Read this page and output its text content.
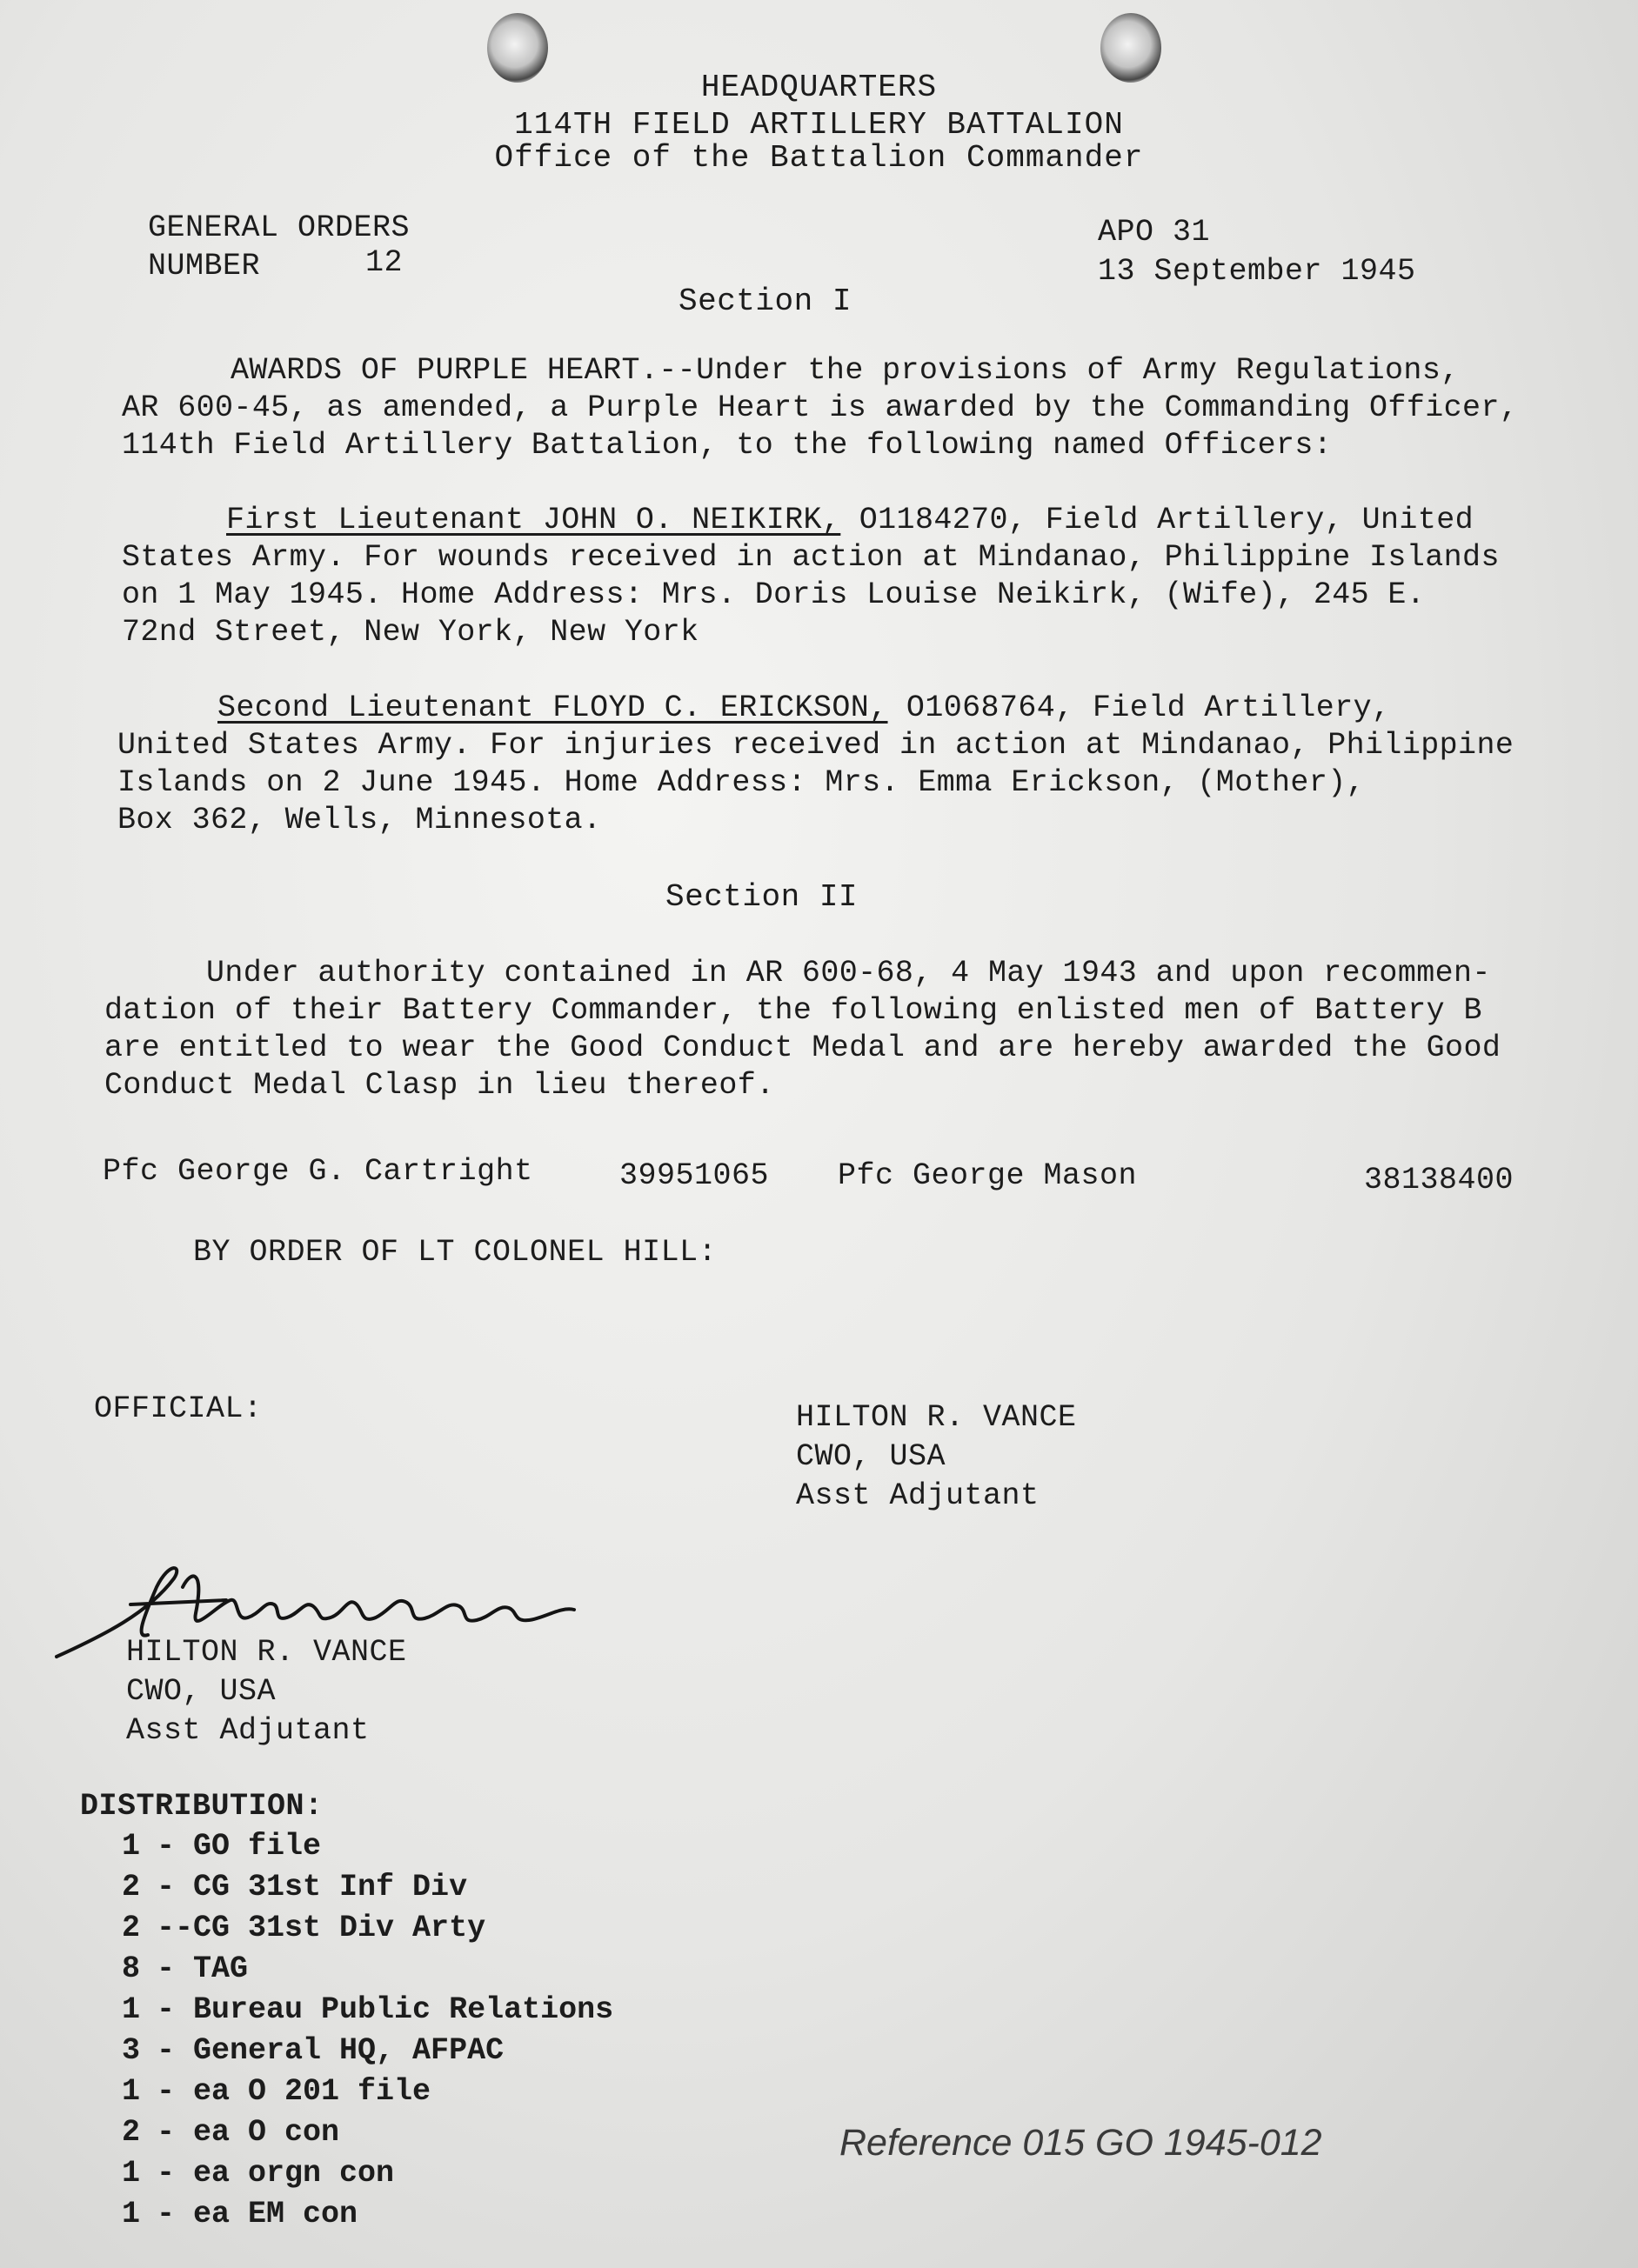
HEADQUARTERS
114TH FIELD ARTILLERY BATTALION
Office of the Battalion Commander
GENERAL ORDERS
NUMBER	12
APO 31
13 September 1945
Section I
AWARDS OF PURPLE HEART.--Under the provisions of Army Regulations,
AR 600-45, as amended, a Purple Heart is awarded by the Commanding Officer,
114th Field Artillery Battalion, to the following named Officers:
First Lieutenant JOHN O. NEIKIRK, O1184270, Field Artillery, United
States Army. For wounds received in action at Mindanao, Philippine Islands
on 1 May 1945. Home Address: Mrs. Doris Louise Neikirk, (Wife), 245 E.
72nd Street, New York, New York
Second Lieutenant FLOYD C. ERICKSON, O1068764, Field Artillery,
United States Army. For injuries received in action at Mindanao, Philippine
Islands on 2 June 1945. Home Address: Mrs. Emma Erickson, (Mother),
Box 362, Wells, Minnesota.
Section II
Under authority contained in AR 600-68, 4 May 1943 and upon recommen-
dation of their Battery Commander, the following enlisted men of Battery B
are entitled to wear the Good Conduct Medal and are hereby awarded the Good
Conduct Medal Clasp in lieu thereof.
Pfc George G. Cartright	39951065 Pfc George Mason	38138400
BY ORDER OF LT COLONEL HILL:
OFFICIAL:	HILTON R. VANCE
CWO, USA
Asst Adjutant
HILTON R. VANCE
CWO, USA
Asst Adjutant
DISTRIBUTION:
1 - GO file
2 - CG 31st Inf Div
2 --CG 31st Div Arty
8 - TAG
1 - Bureau Public Relations
3 - General HQ, AFPAC
1 - ea O 201 file
2 - ea O con
1 - ea orgn con
1 - ea EM con
Reference 015 GO 1945-012
